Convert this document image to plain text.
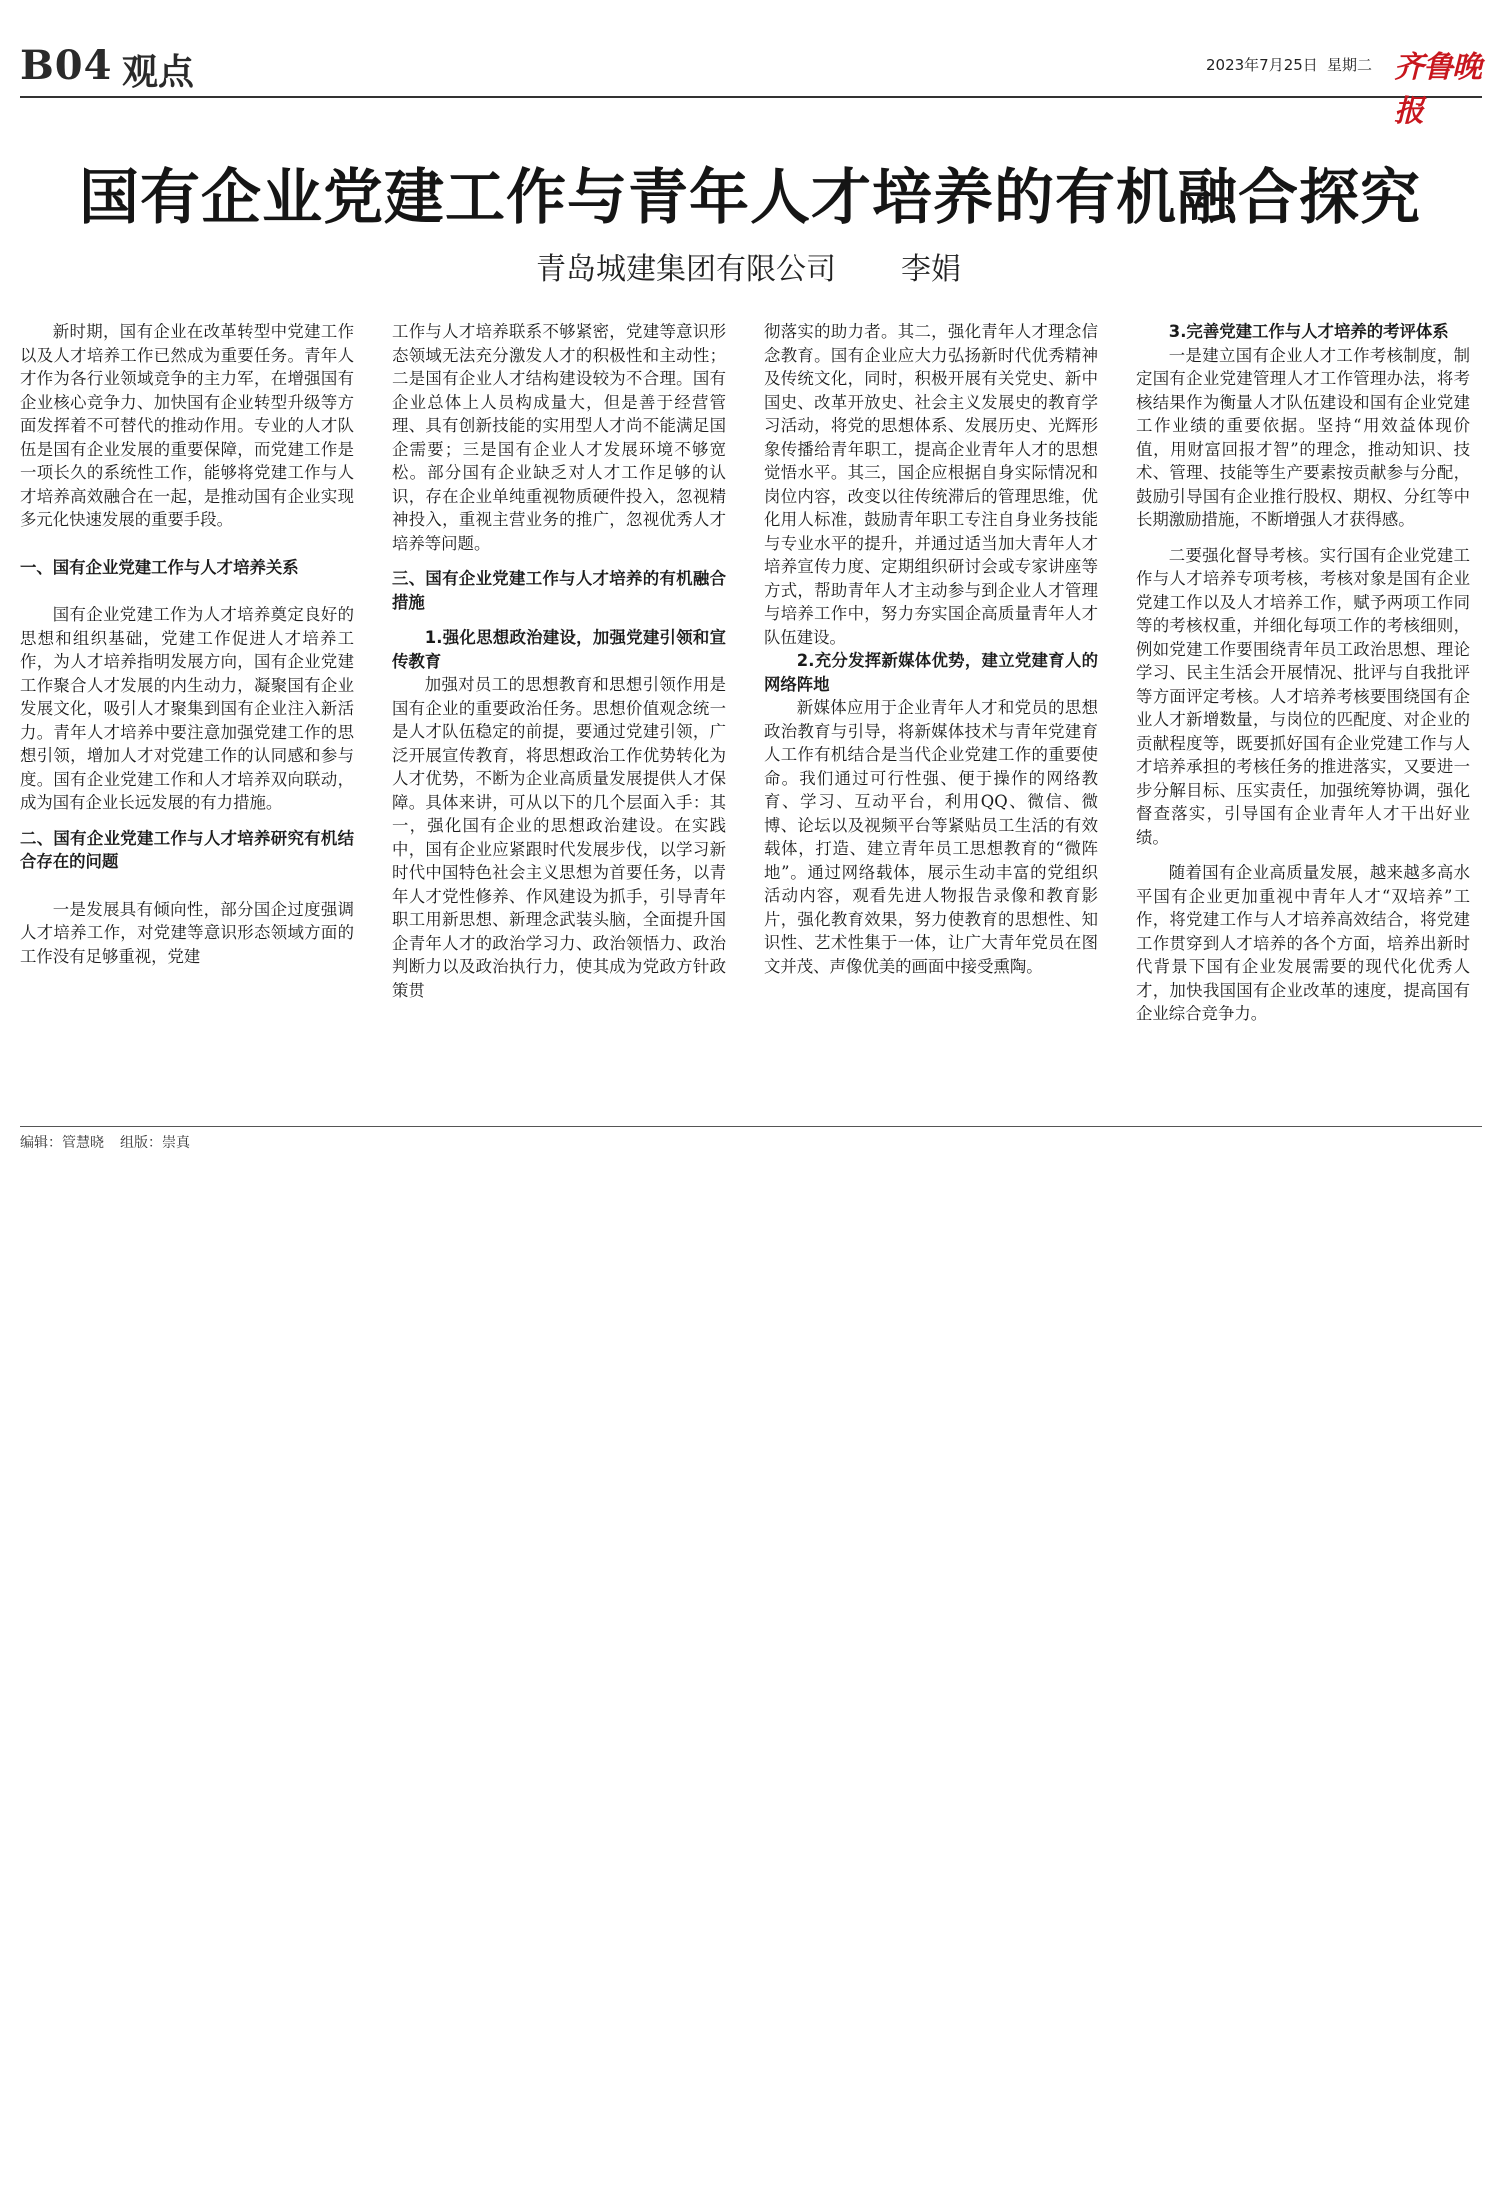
B04 观点	2023年7月25日 星期二 齐鲁晚报
国有企业党建工作与青年人才培养的有机融合探究
青岛城建集团有限公司 李娟

新时期，国有企业在改革转型中党建工作以及人才培养工作已然成为重要任务。青年人才作为各行业领域竞争的主力军，在增强国有企业核心竞争力、加快国有企业转型升级等方面发挥着不可替代的推动作用。专业的人才队伍是国有企业发展的重要保障，而党建工作是一项长久的系统性工作，能够将党建工作与人才培养高效融合在一起，是推动国有企业实现多元化快速发展的重要手段。

一、国有企业党建工作与人才培养关系

国有企业党建工作为人才培养奠定良好的思想和组织基础，党建工作促进人才培养工作，为人才培养指明发展方向，国有企业党建工作聚合人才发展的内生动力，凝聚国有企业发展文化，吸引人才聚集到国有企业注入新活力。青年人才培养中要注意加强党建工作的思想引领，增加人才对党建工作的认同感和参与度。国有企业党建工作和人才培养双向联动，成为国有企业长远发展的有力措施。

二、国有企业党建工作与人才培养研究有机结合存在的问题

一是发展具有倾向性，部分国企过度强调人才培养工作，对党建等意识形态领域方面的工作没有足够重视，党建

工作与人才培养联系不够紧密，党建等意识形态领域无法充分激发人才的积极性和主动性；二是国有企业人才结构建设较为不合理。国有企业总体上人员构成量大，但是善于经营管理、具有创新技能的实用型人才尚不能满足国企需要；三是国有企业人才发展环境不够宽松。部分国有企业缺乏对人才工作足够的认识，存在企业单纯重视物质硬件投入，忽视精神投入，重视主营业务的推广，忽视优秀人才培养等问题。

三、国有企业党建工作与人才培养的有机融合措施
1.强化思想政治建设，加强党建引领和宣传教育

加强对员工的思想教育和思想引领作用是国有企业的重要政治任务。思想价值观念统一是人才队伍稳定的前提，要通过党建引领，广泛开展宣传教育，将思想政治工作优势转化为人才优势，不断为企业高质量发展提供人才保障。具体来讲，可从以下的几个层面入手：其一，强化国有企业的思想政治建设。在实践中，国有企业应紧跟时代发展步伐，以学习新时代中国特色社会主义思想为首要任务，以青年人才党性修养、作风建设为抓手，引导青年职工用新思想、新理念武装头脑，全面提升国企青年人才的政治学习力、政治领悟力、政治判断力以及政治执行力，使其成为党政方针政策贯

彻落实的助力者。其二，强化青年人才理念信念教育。国有企业应大力弘扬新时代优秀精神及传统文化，同时，积极开展有关党史、新中国史、改革开放史、社会主义发展史的教育学习活动，将党的思想体系、发展历史、光辉形象传播给青年职工，提高企业青年人才的思想觉悟水平。其三，国企应根据自身实际情况和岗位内容，改变以往传统滞后的管理思维，优化用人标准，鼓励青年职工专注自身业务技能与专业水平的提升，并通过适当加大青年人才培养宣传力度、定期组织研讨会或专家讲座等方式，帮助青年人才主动参与到企业人才管理与培养工作中，努力夯实国企高质量青年人才队伍建设。

2.充分发挥新媒体优势，建立党建育人的网络阵地

新媒体应用于企业青年人才和党员的思想政治教育与引导，将新媒体技术与青年党建育人工作有机结合是当代企业党建工作的重要使命。我们通过可行性强、便于操作的网络教育、学习、互动平台，利用QQ、微信、微博、论坛以及视频平台等紧贴员工生活的有效载体，打造、建立青年员工思想教育的“微阵地”。通过网络载体，展示生动丰富的党组织活动内容，观看先进人物报告录像和教育影片，强化教育效果，努力使教育的思想性、知识性、艺术性集于一体，让广大青年党员在图文并茂、声像优美的画面中接受熏陶。

3.完善党建工作与人才培养的考评体系

一是建立国有企业人才工作考核制度，制定国有企业党建管理人才工作管理办法，将考核结果作为衡量人才队伍建设和国有企业党建工作业绩的重要依据。坚持“用效益体现价值，用财富回报才智”的理念，推动知识、技术、管理、技能等生产要素按贡献参与分配，鼓励引导国有企业推行股权、期权、分红等中长期激励措施，不断增强人才获得感。

二要强化督导考核。实行国有企业党建工作与人才培养专项考核，考核对象是国有企业党建工作以及人才培养工作，赋予两项工作同等的考核权重，并细化每项工作的考核细则，例如党建工作要围绕青年员工政治思想、理论学习、民主生活会开展情况、批评与自我批评等方面评定考核。人才培养考核要围绕国有企业人才新增数量，与岗位的匹配度、对企业的贡献程度等，既要抓好国有企业党建工作与人才培养承担的考核任务的推进落实，又要进一步分解目标、压实责任，加强统筹协调，强化督查落实，引导国有企业青年人才干出好业绩。

随着国有企业高质量发展，越来越多高水平国有企业更加重视中青年人才“双培养”工作，将党建工作与人才培养高效结合，将党建工作贯穿到人才培养的各个方面，培养出新时代背景下国有企业发展需要的现代化优秀人才，加快我国国有企业改革的速度，提高国有企业综合竞争力。

编辑：管慧晓 组版：崇真
